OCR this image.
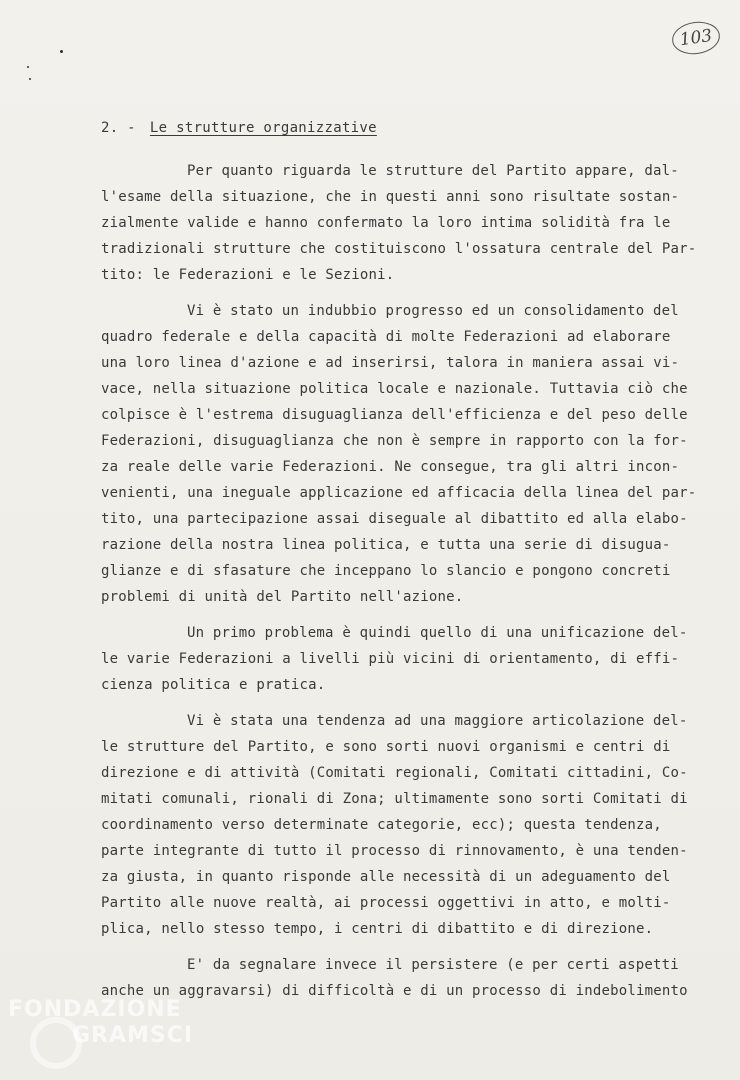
103
2. - Le strutture organizzative
Per quanto riguarda le strutture del Partito appare, dal-
l'esame della situazione, che in questi anni sono risultate sostan-
zialmente valide e hanno confermato la loro intima solidità fra le
tradizionali strutture che costituiscono l'ossatura centrale del Par-
tito: le Federazioni e le Sezioni.
Vi è stato un indubbio progresso ed un consolidamento del
quadro federale e della capacità di molte Federazioni ad elaborare
una loro linea d'azione e ad inserirsi, talora in maniera assai vi-
vace, nella situazione politica locale e nazionale. Tuttavia ciò che
colpisce è l'estrema disuguaglianza dell'efficienza e del peso delle
Federazioni, disuguaglianza che non è sempre in rapporto con la for-
za reale delle varie Federazioni. Ne consegue, tra gli altri incon-
venienti, una ineguale applicazione ed afficacia della linea del par-
tito, una partecipazione assai diseguale al dibattito ed alla elabo-
razione della nostra linea politica, e tutta una serie di disugua-
glianze e di sfasature che inceppano lo slancio e pongono concreti
problemi di unità del Partito nell'azione.
Un primo problema è quindi quello di una unificazione del-
le varie Federazioni a livelli più vicini di orientamento, di effi-
cienza politica e pratica.
Vi è stata una tendenza ad una maggiore articolazione del-
le strutture del Partito, e sono sorti nuovi organismi e centri di
direzione e di attività (Comitati regionali, Comitati cittadini, Co-
mitati comunali, rionali di Zona; ultimamente sono sorti Comitati di
coordinamento verso determinate categorie, ecc); questa tendenza,
parte integrante di tutto il processo di rinnovamento, è una tenden-
za giusta, in quanto risponde alle necessità di un adeguamento del
Partito alle nuove realtà, ai processi oggettivi in atto, e molti-
plica, nello stesso tempo, i centri di dibattito e di direzione.
E' da segnalare invece il persistere (e per certi aspetti
anche un aggravarsi) di difficoltà e di un processo di indebolimento
FONDAZIONE
GRAMSCI
